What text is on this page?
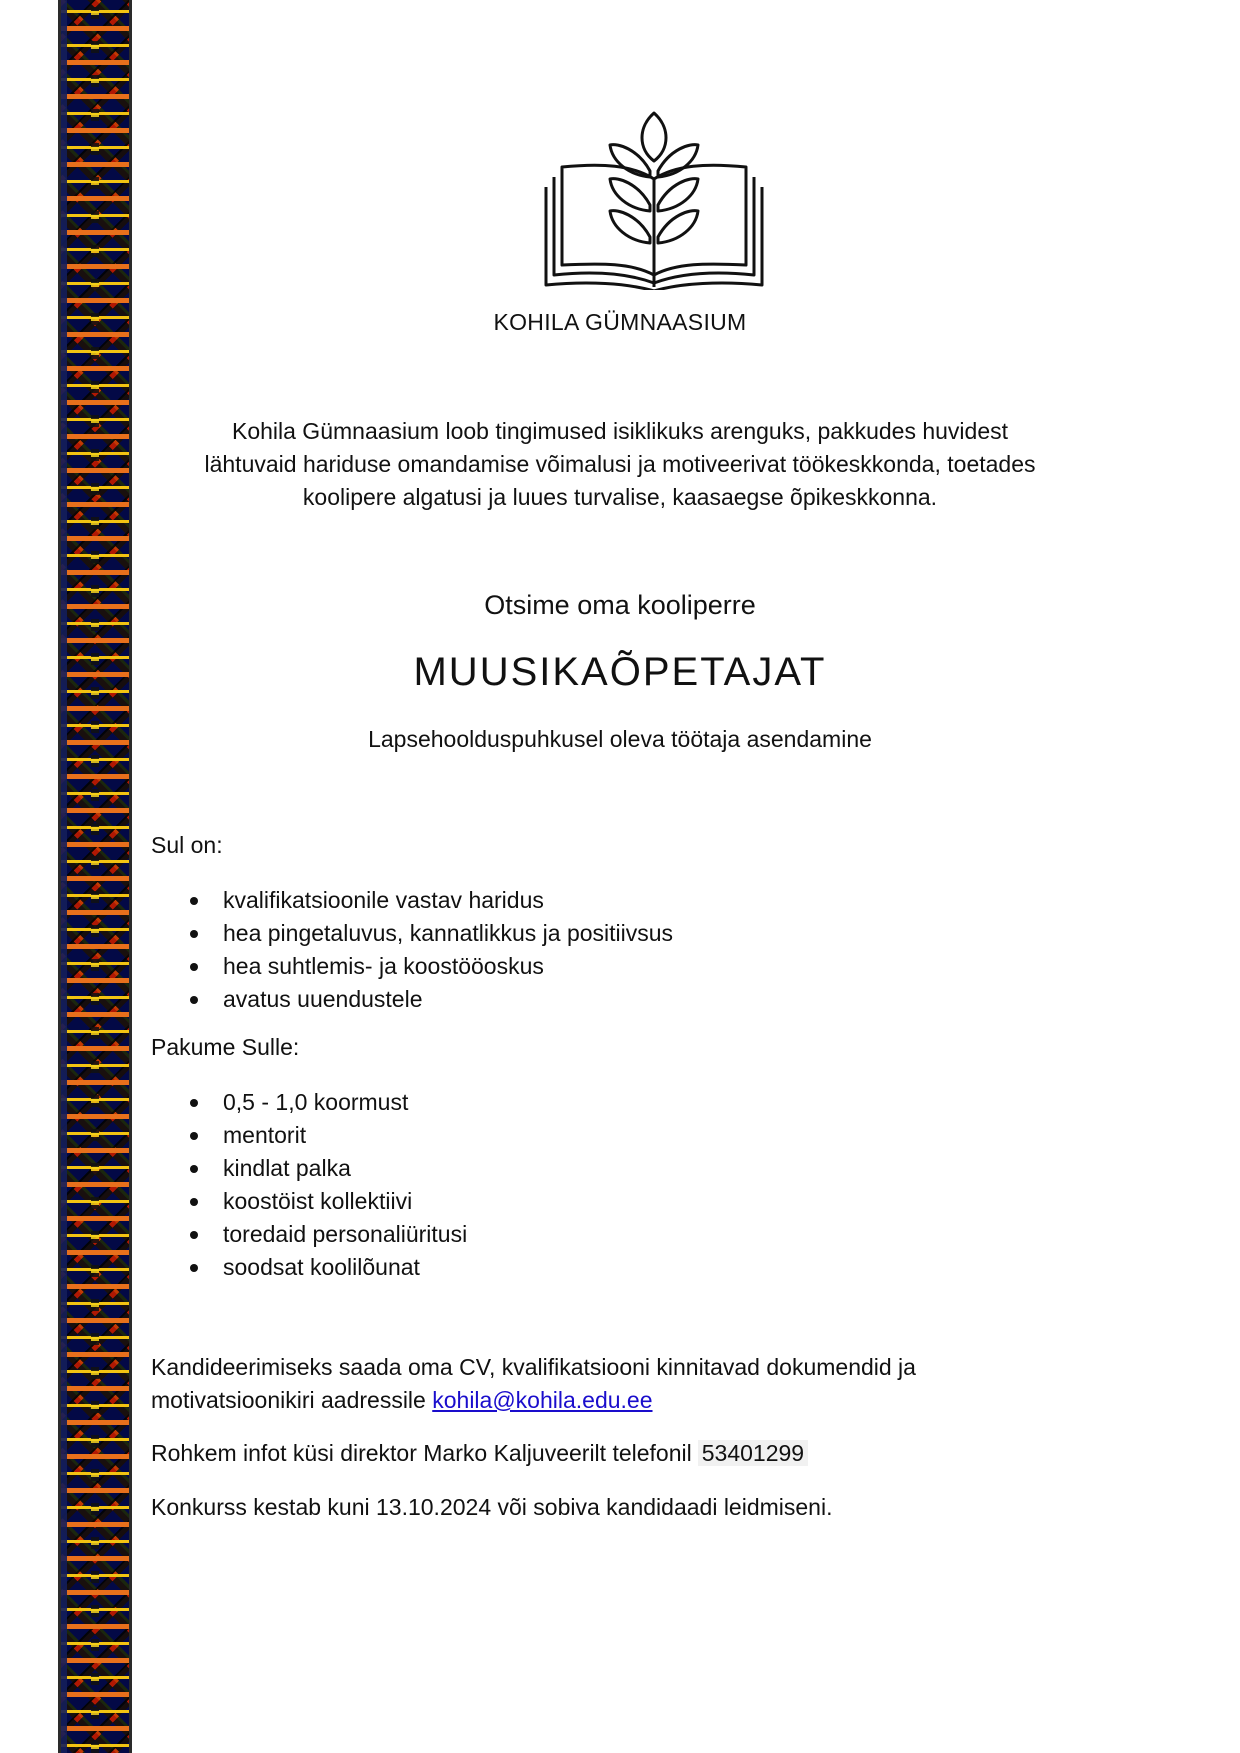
KOHILA GÜMNAASIUM
Kohila Gümnaasium loob tingimused isiklikuks arenguks, pakkudes huvidest
lähtuvaid hariduse omandamise võimalusi ja motiveerivat töökeskkonda, toetades
koolipere algatusi ja luues turvalise, kaasaegse õpikeskkonna.
Otsime oma kooliperre
MUUSIKAÕPETAJAT
Lapsehoolduspuhkusel oleva töötaja asendamine
Sul on:
kvalifikatsioonile vastav haridus
hea pingetaluvus, kannatlikkus ja positiivsus
hea suhtlemis- ja koostööoskus
avatus uuendustele
Pakume Sulle:
0,5 - 1,0 koormust
mentorit
kindlat palka
koostöist kollektiivi
toredaid personaliüritusi
soodsat koolilõunat
Kandideerimiseks saada oma CV, kvalifikatsiooni kinnitavad dokumendid ja
motivatsioonikiri aadressile kohila@kohila.edu.ee
Rohkem infot küsi direktor Marko Kaljuveerilt telefonil 53401299
Konkurss kestab kuni 13.10.2024 või sobiva kandidaadi leidmiseni.
